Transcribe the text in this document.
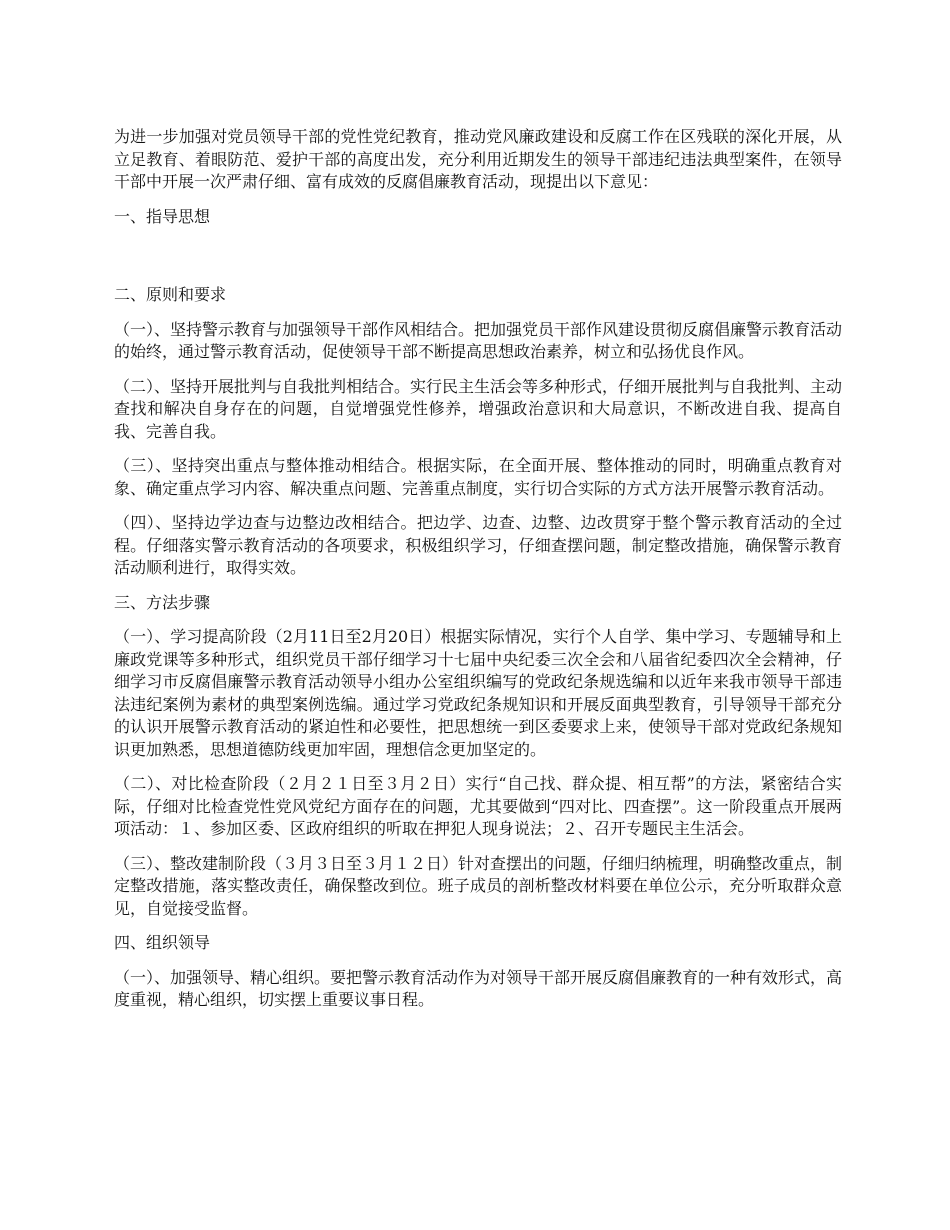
为进一步加强对党员领导干部的党性党纪教育，推动党风廉政建设和反腐工作在区残联的深化开展，从立足教育、着眼防范、爱护干部的高度出发，充分利用近期发生的领导干部违纪违法典型案件，在领导干部中开展一次严肃仔细、富有成效的反腐倡廉教育活动，现提出以下意见：

一、指导思想

二、原则和要求

（一）、坚持警示教育与加强领导干部作风相结合。把加强党员干部作风建设贯彻反腐倡廉警示教育活动的始终，通过警示教育活动，促使领导干部不断提高思想政治素养，树立和弘扬优良作风。

（二）、坚持开展批判与自我批判相结合。实行民主生活会等多种形式，仔细开展批判与自我批判、主动查找和解决自身存在的问题，自觉增强党性修养，增强政治意识和大局意识，不断改进自我、提高自我、完善自我。

（三）、坚持突出重点与整体推动相结合。根据实际，在全面开展、整体推动的同时，明确重点教育对象、确定重点学习内容、解决重点问题、完善重点制度，实行切合实际的方式方法开展警示教育活动。

（四）、坚持边学边查与边整边改相结合。把边学、边查、边整、边改贯穿于整个警示教育活动的全过程。仔细落实警示教育活动的各项要求，积极组织学习，仔细查摆问题，制定整改措施，确保警示教育活动顺利进行，取得实效。

三、方法步骤

（一）、学习提高阶段（2月11日至2月20日）根据实际情况，实行个人自学、集中学习、专题辅导和上廉政党课等多种形式，组织党员干部仔细学习十七届中央纪委三次全会和八届省纪委四次全会精神，仔细学习市反腐倡廉警示教育活动领导小组办公室组织编写的党政纪条规选编和以近年来我市领导干部违法违纪案例为素材的典型案例选编。通过学习党政纪条规知识和开展反面典型教育，引导领导干部充分的认识开展警示教育活动的紧迫性和必要性，把思想统一到区委要求上来，使领导干部对党政纪条规知识更加熟悉，思想道德防线更加牢固，理想信念更加坚定的。

（二）、对比检查阶段（２月２１日至３月２日）实行“自己找、群众提、相互帮”的方法，紧密结合实际，仔细对比检查党性党风党纪方面存在的问题，尤其要做到“四对比、四查摆”。这一阶段重点开展两项活动：１、参加区委、区政府组织的听取在押犯人现身说法；２、召开专题民主生活会。

（三）、整改建制阶段（３月３日至３月１２日）针对查摆出的问题，仔细归纳梳理，明确整改重点，制定整改措施，落实整改责任，确保整改到位。班子成员的剖析整改材料要在单位公示，充分听取群众意见，自觉接受监督。

四、组织领导

（一）、加强领导、精心组织。要把警示教育活动作为对领导干部开展反腐倡廉教育的一种有效形式，高度重视，精心组织，切实摆上重要议事日程。
